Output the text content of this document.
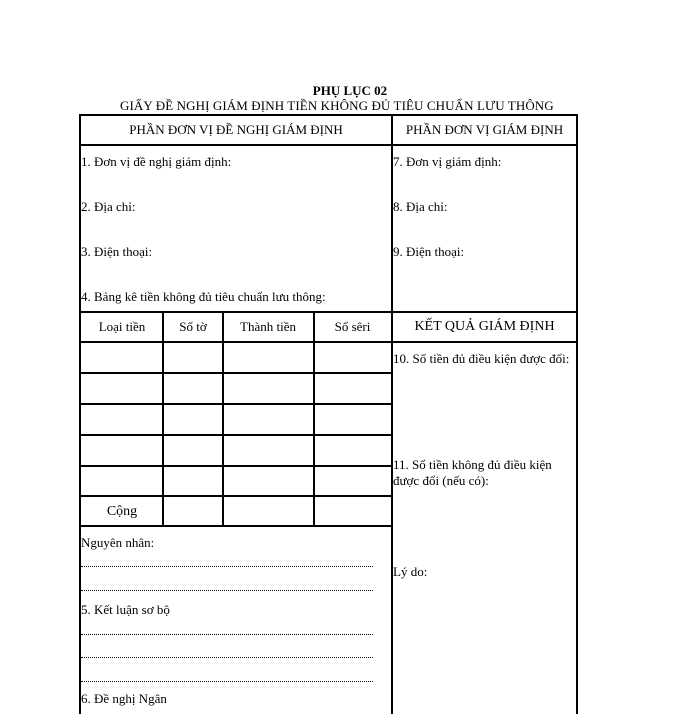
PHỤ LỤC 02
GIẤY ĐỀ NGHỊ GIÁM ĐỊNH TIỀN KHÔNG ĐỦ TIÊU CHUẨN LƯU THÔNG
PHẦN ĐƠN VỊ ĐỀ NGHỊ GIÁM ĐỊNH	PHẦN ĐƠN VỊ GIÁM ĐỊNH
1. Đơn vị đề nghị giám định:
2. Địa chỉ:
3. Điện thoại:
4. Bảng kê tiền không đủ tiêu chuẩn lưu thông:
7. Đơn vị giám định:
8. Địa chỉ:
9. Điện thoại:
Loại tiền	Số tờ	Thành tiền	Số sêri	KẾT QUẢ GIÁM ĐỊNH
Cộng
10. Số tiền đủ điều kiện được đổi:
11. Số tiền không đủ điều kiện được đổi (nếu có):
Lý do:
Nguyên nhân:
5. Kết luận sơ bộ
6. Đề nghị Ngân
